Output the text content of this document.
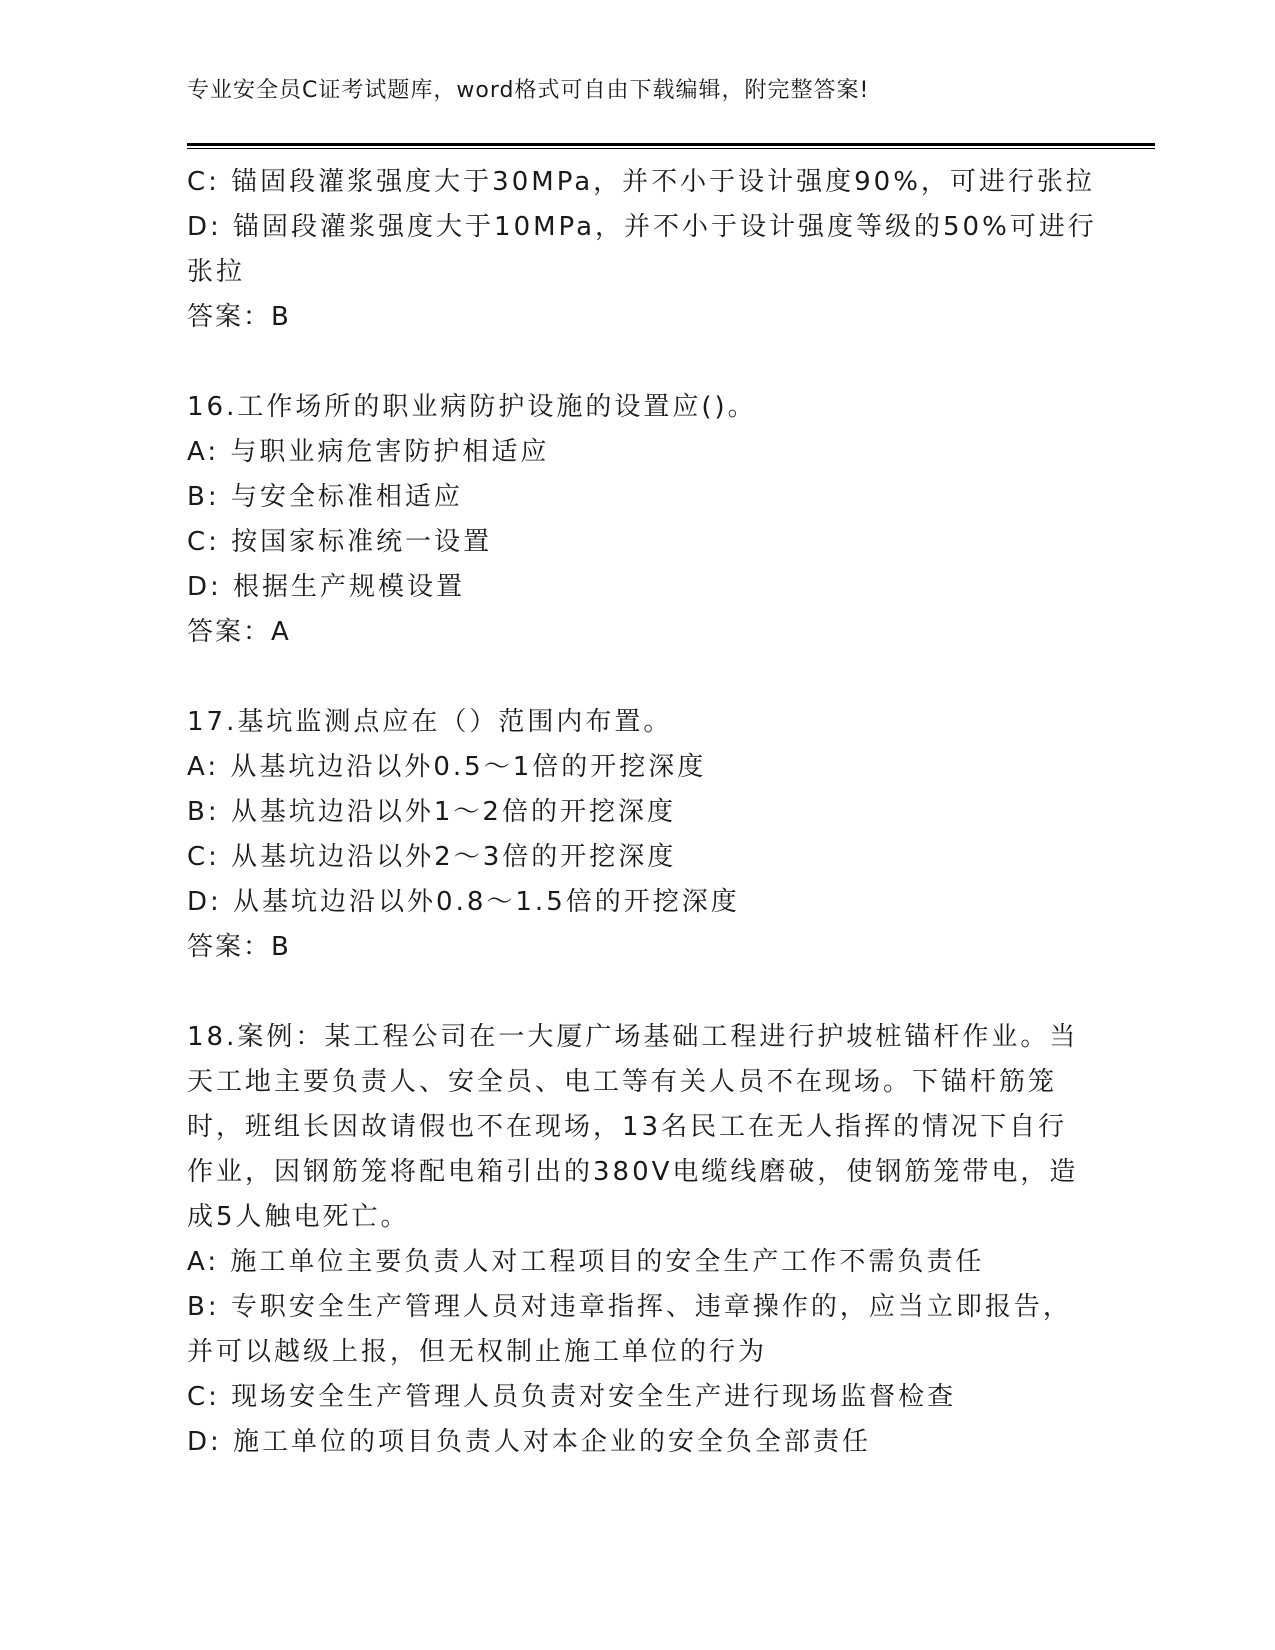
专业安全员C证考试题库，word格式可自由下载编辑，附完整答案!
C: 锚固段灌浆强度大于30MPa，并不小于设计强度90%，可进行张拉
D: 锚固段灌浆强度大于10MPa，并不小于设计强度等级的50%可进行
张拉
答案：B
16.工作场所的职业病防护设施的设置应()。
A: 与职业病危害防护相适应
B: 与安全标准相适应
C: 按国家标准统一设置
D: 根据生产规模设置
答案：A
17.基坑监测点应在（）范围内布置。
A: 从基坑边沿以外0.5～1倍的开挖深度
B: 从基坑边沿以外1～2倍的开挖深度
C: 从基坑边沿以外2～3倍的开挖深度
D: 从基坑边沿以外0.8～1.5倍的开挖深度
答案：B
18.案例：某工程公司在一大厦广场基础工程进行护坡桩锚杆作业。当
天工地主要负责人、安全员、电工等有关人员不在现场。下锚杆筋笼
时，班组长因故请假也不在现场，13名民工在无人指挥的情况下自行
作业，因钢筋笼将配电箱引出的380V电缆线磨破，使钢筋笼带电，造
成5人触电死亡。
A: 施工单位主要负责人对工程项目的安全生产工作不需负责任
B: 专职安全生产管理人员对违章指挥、违章操作的，应当立即报告，
并可以越级上报，但无权制止施工单位的行为
C: 现场安全生产管理人员负责对安全生产进行现场监督检查
D: 施工单位的项目负责人对本企业的安全负全部责任
